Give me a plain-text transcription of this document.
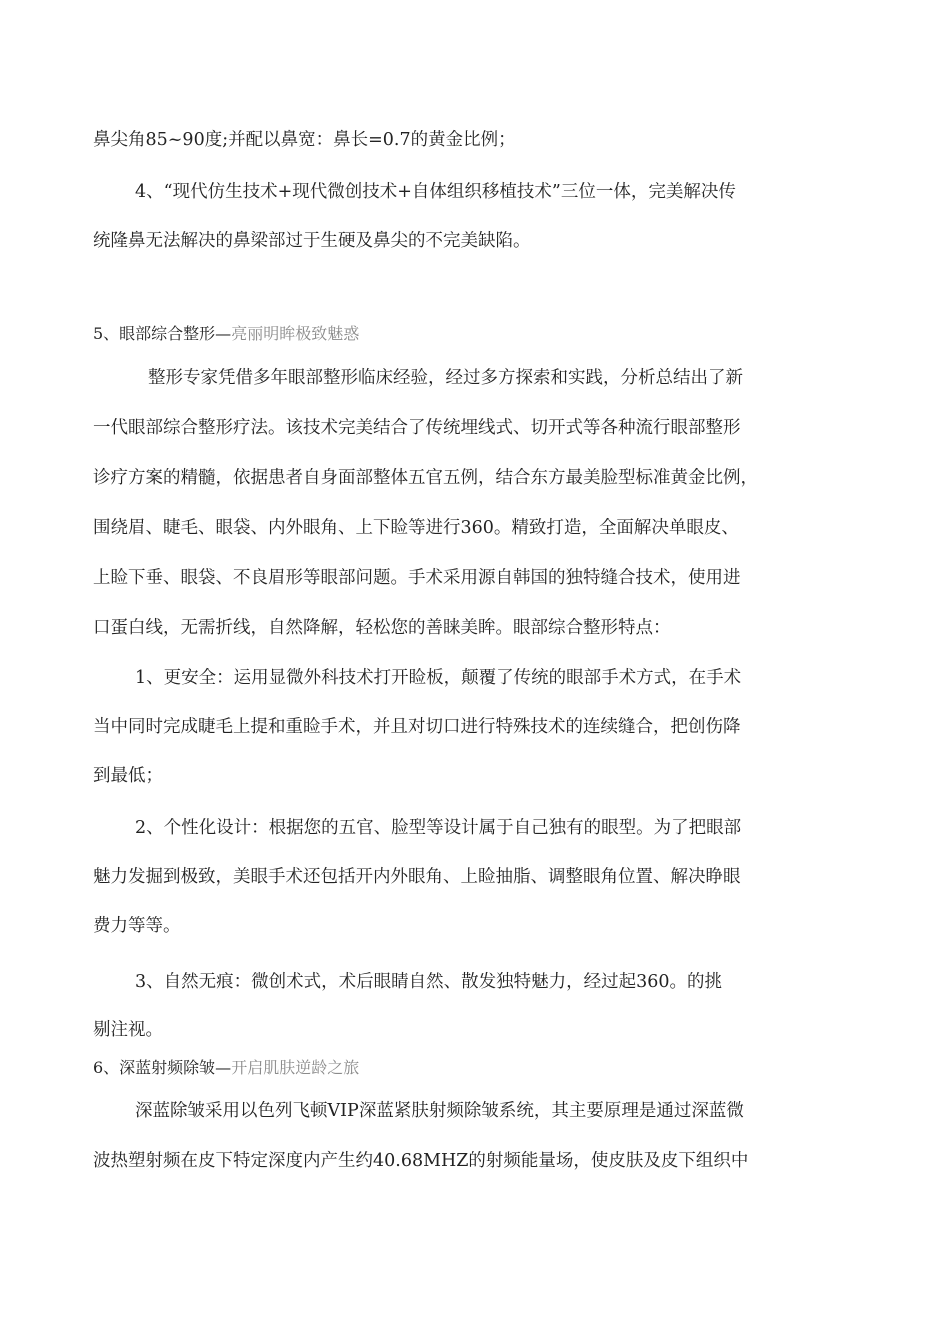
鼻尖角85~90度;并配以鼻宽：鼻长=0.7的黄金比例；
4、“现代仿生技术+现代微创技术+自体组织移植技术”三位一体，完美解决传
统隆鼻无法解决的鼻梁部过于生硬及鼻尖的不完美缺陷。
5、眼部综合整形—亮丽明眸极致魅惑
整形专家凭借多年眼部整形临床经验，经过多方探索和实践，分析总结出了新
一代眼部综合整形疗法。该技术完美结合了传统埋线式、切开式等各种流行眼部整形
诊疗方案的精髓，依据患者自身面部整体五官五例，结合东方最美脸型标准黄金比例，
围绕眉、睫毛、眼袋、内外眼角、上下睑等进行360。精致打造，全面解决单眼皮、
上睑下垂、眼袋、不良眉形等眼部问题。手术采用源自韩国的独特缝合技术，使用进
口蛋白线，无需折线，自然降解，轻松您的善睐美眸。眼部综合整形特点：
1、更安全：运用显微外科技术打开睑板，颠覆了传统的眼部手术方式，在手术
当中同时完成睫毛上提和重睑手术，并且对切口进行特殊技术的连续缝合，把创伤降
到最低；
2、个性化设计：根据您的五官、脸型等设计属于自己独有的眼型。为了把眼部
魅力发掘到极致，美眼手术还包括开内外眼角、上睑抽脂、调整眼角位置、解决睁眼
费力等等。
3、自然无痕：微创术式，术后眼睛自然、散发独特魅力，经过起360。的挑
剔注视。
6、深蓝射频除皱—开启肌肤逆龄之旅
深蓝除皱采用以色列飞顿VIP深蓝紧肤射频除皱系统，其主要原理是通过深蓝微
波热塑射频在皮下特定深度内产生约40.68MHZ的射频能量场，使皮肤及皮下组织中
